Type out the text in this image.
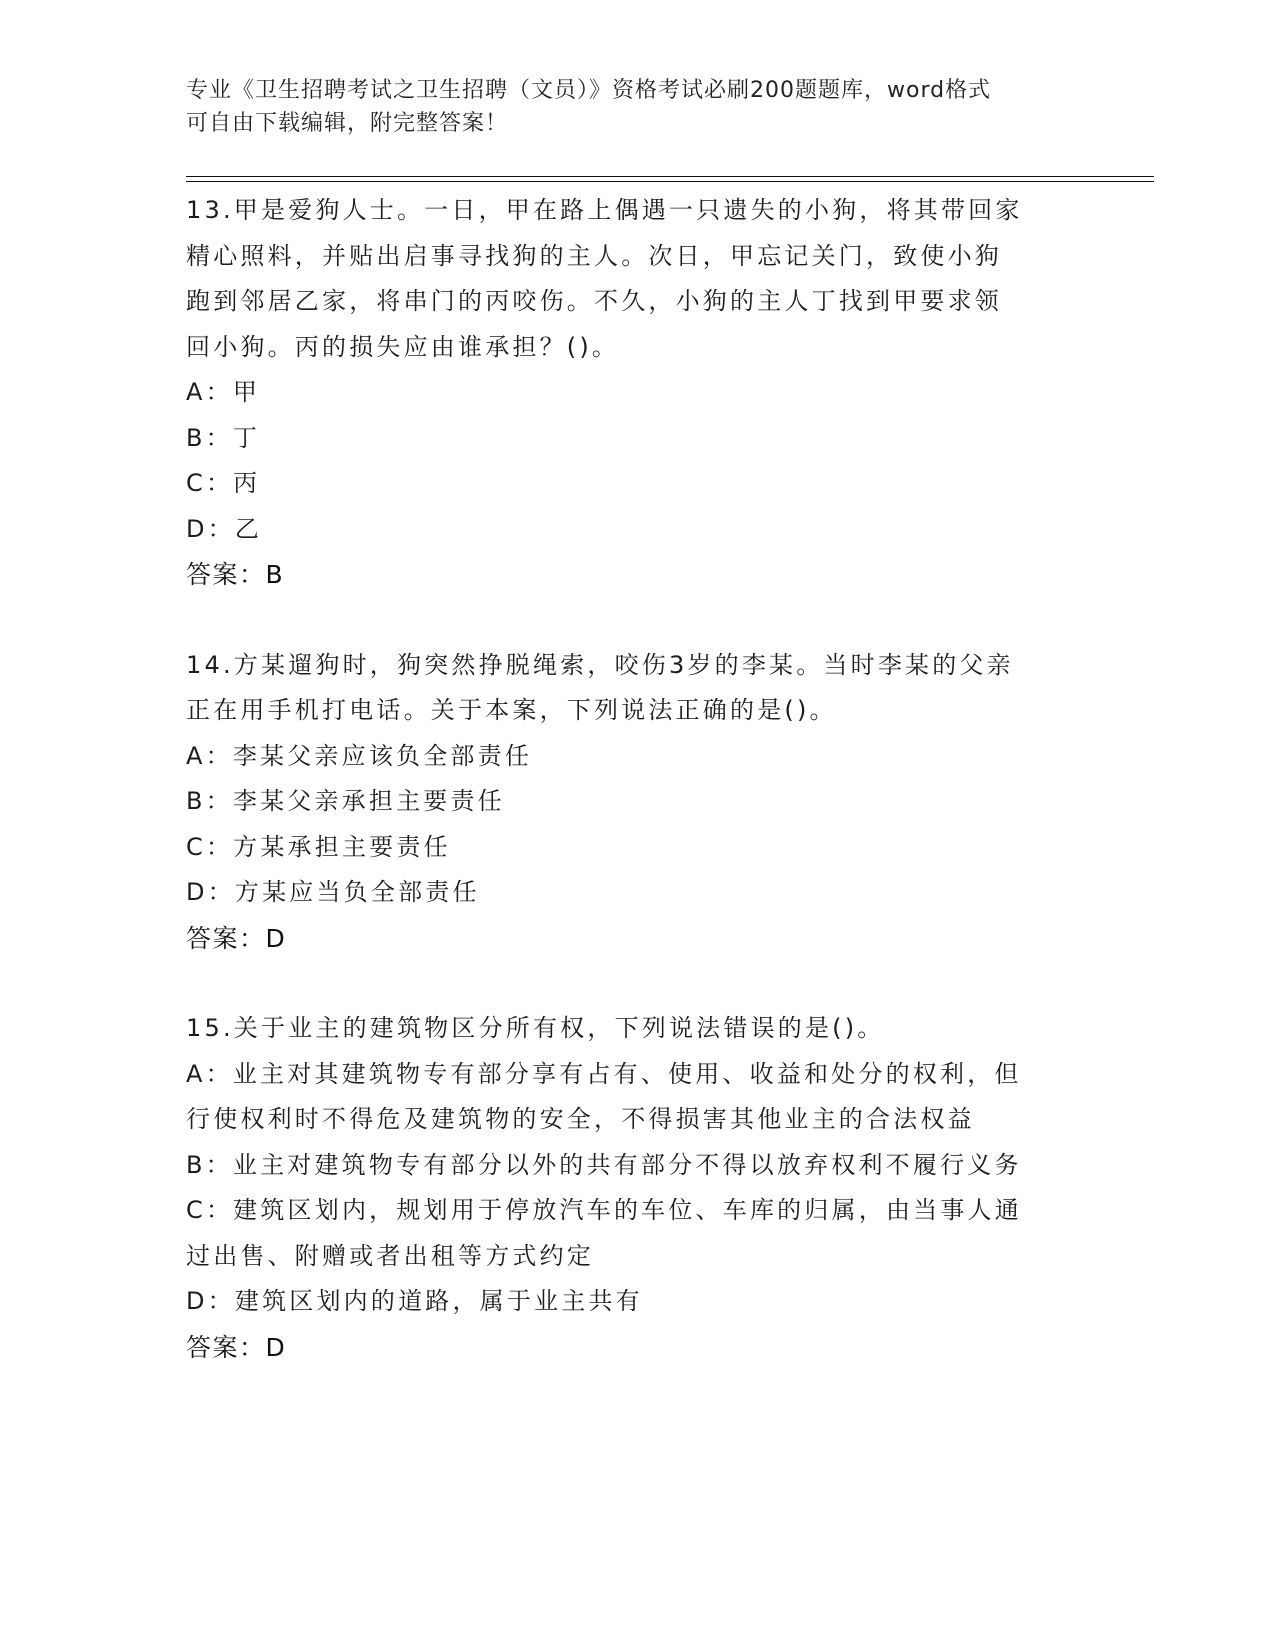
专业《卫生招聘考试之卫生招聘（文员）》资格考试必刷200题题库，word格式
可自由下载编辑，附完整答案！
13.甲是爱狗人士。一日，甲在路上偶遇一只遗失的小狗，将其带回家
精心照料，并贴出启事寻找狗的主人。次日，甲忘记关门，致使小狗
跑到邻居乙家，将串门的丙咬伤。不久，小狗的主人丁找到甲要求领
回小狗。丙的损失应由谁承担？()。
A：甲
B：丁
C：丙
D：乙
答案：B
14.方某遛狗时，狗突然挣脱绳索，咬伤3岁的李某。当时李某的父亲
正在用手机打电话。关于本案，下列说法正确的是()。
A：李某父亲应该负全部责任
B：李某父亲承担主要责任
C：方某承担主要责任
D：方某应当负全部责任
答案：D
15.关于业主的建筑物区分所有权，下列说法错误的是()。
A：业主对其建筑物专有部分享有占有、使用、收益和处分的权利，但
行使权利时不得危及建筑物的安全，不得损害其他业主的合法权益
B：业主对建筑物专有部分以外的共有部分不得以放弃权利不履行义务
C：建筑区划内，规划用于停放汽车的车位、车库的归属，由当事人通
过出售、附赠或者出租等方式约定
D：建筑区划内的道路，属于业主共有
答案：D
